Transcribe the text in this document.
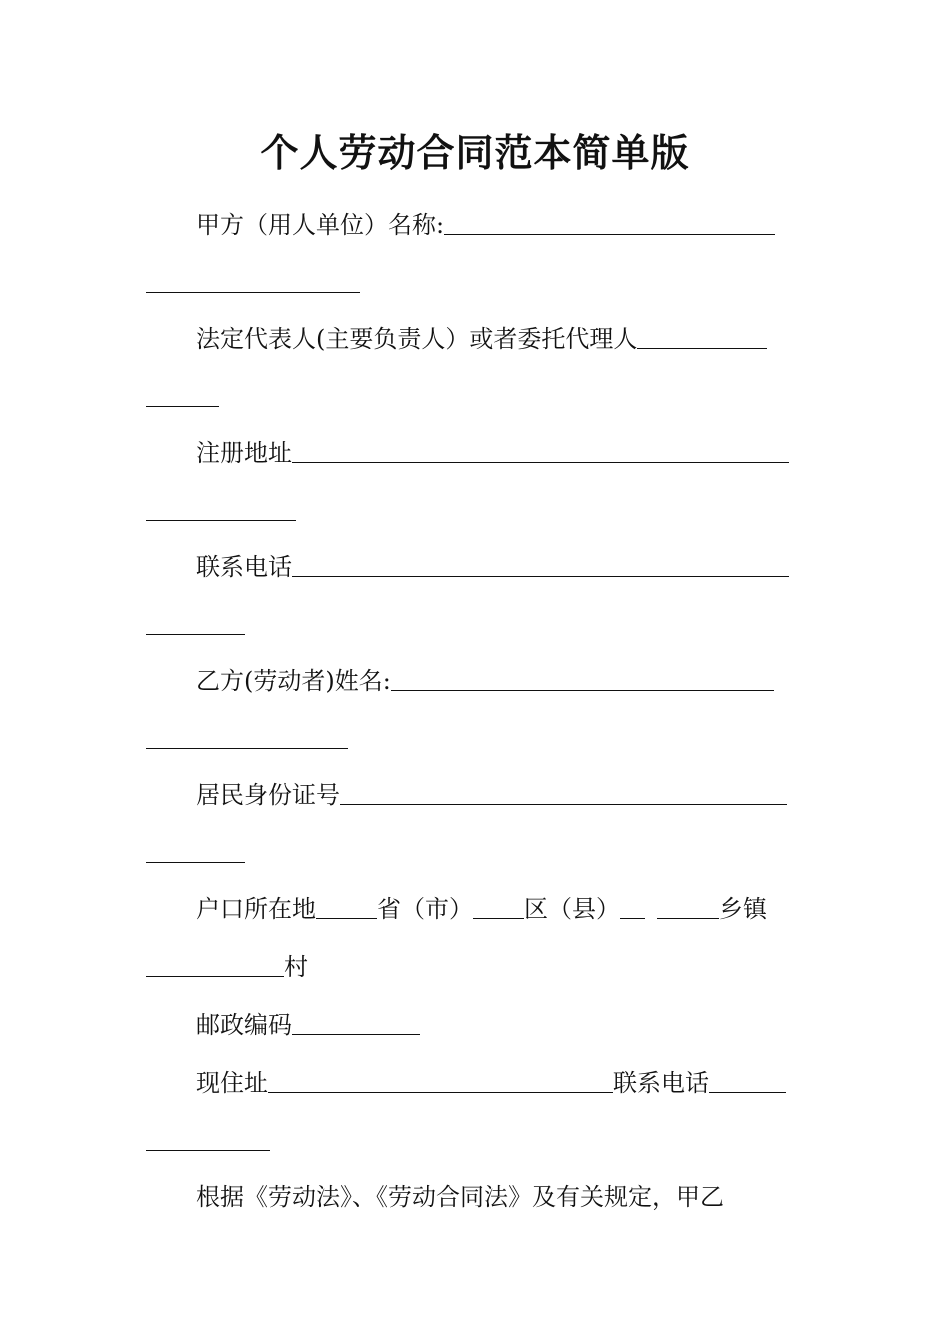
个人劳动合同范本简单版
甲方（用人单位）名称:
法定代表人(主要负责人）或者委托代理人
注册地址
联系电话
乙方(劳动者)姓名:
居民身份证号
户口所在地	省（市） 区（县）	乡镇
村
邮政编码
现住址	联系电话
根据《劳动法》、《劳动合同法》及有关规定，甲乙
